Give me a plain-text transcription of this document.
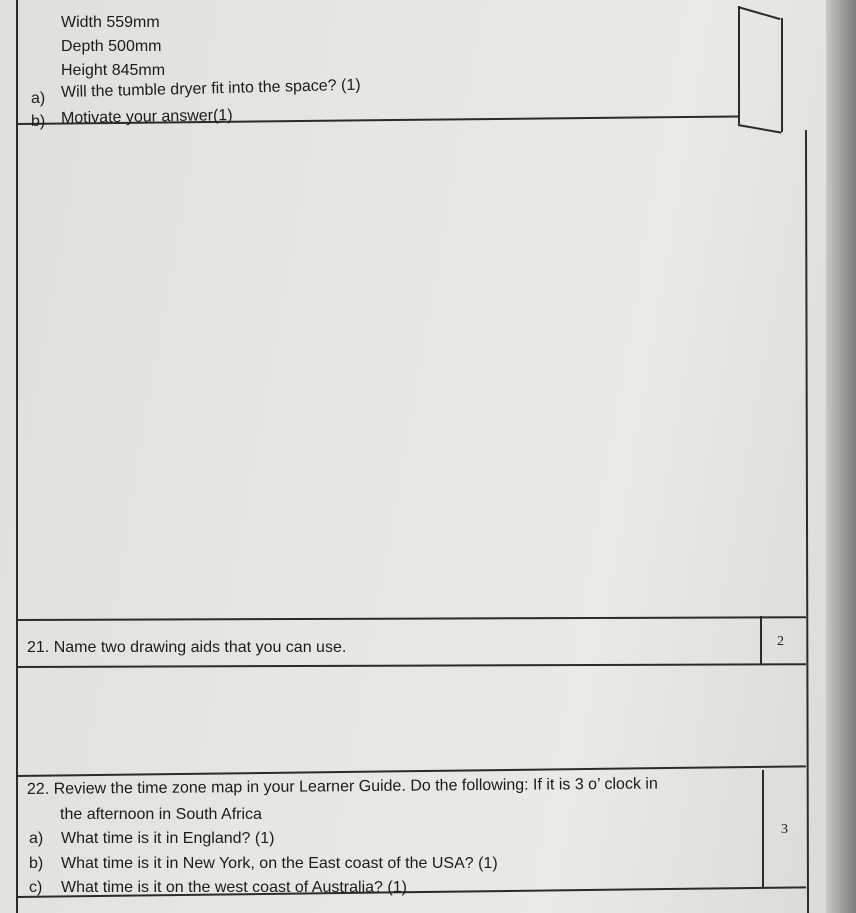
Width 559mm
Depth 500mm
Height 845mm
a) Will the tumble dryer fit into the space? (1)
b) Motivate your answer(1)
21. Name two drawing aids that you can use.	2
22. Review the time zone map in your Learner Guide. Do the following: If it is 3 o’ clock in
the afternoon in South Africa
a) What time is it in England? (1)
b) What time is it in New York, on the East coast of the USA? (1)
c) What time is it on the west coast of Australia? (1)
3
